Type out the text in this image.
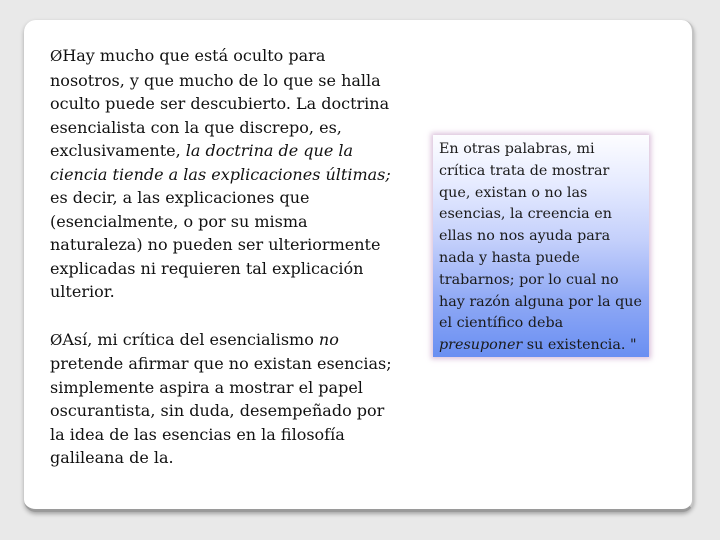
ØHay mucho que está oculto para nosotros, y que mucho de lo que se halla oculto puede ser descubierto. La doctrina esencialista con la que discrepo, es, exclusivamente, la doctrina de que la ciencia tiende a las explicaciones últimas; es decir, a las explicaciones que (esencialmente, o por su misma naturaleza) no pueden ser ulteriormente explicadas ni requieren tal explicación ulterior.

ØAsí, mi crítica del esencialismo no pretende afirmar que no existan esencias; simplemente aspira a mostrar el papel oscurantista, sin duda, desempeñado por la idea de las esencias en la filosofía galileana de la.

En otras palabras, mi crítica trata de mostrar que, existan o no las esencias, la creencia en ellas no nos ayuda para nada y hasta puede trabarnos; por lo cual no hay razón alguna por la que el científico deba presuponer su existencia. "
